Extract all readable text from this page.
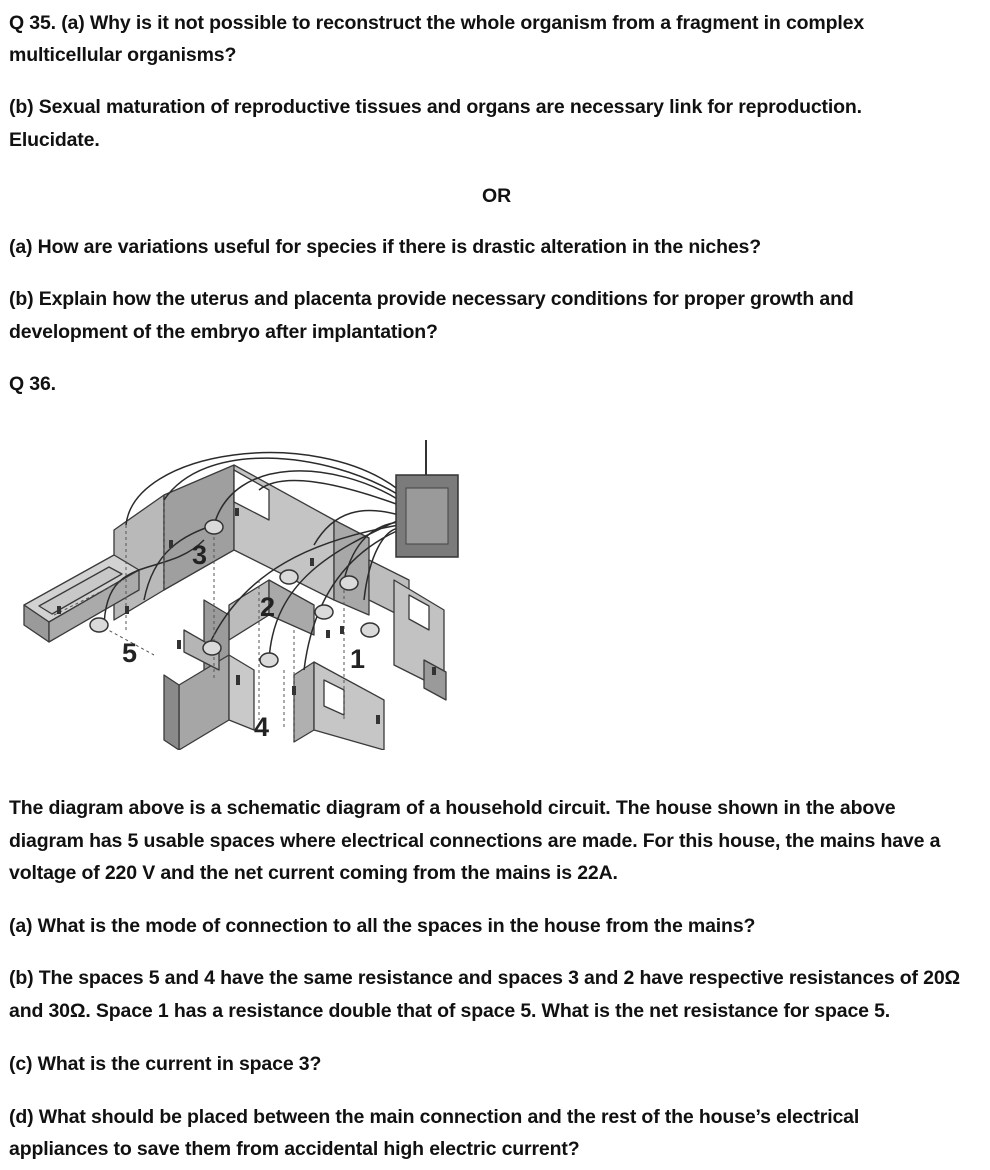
Q 35. (a) Why is it not possible to reconstruct the whole organism from a fragment in complex

multicellular organisms?

(b) Sexual maturation of reproductive tissues and organs are necessary link for reproduction.

Elucidate.

OR

(a) How are variations useful for species if there is drastic alteration in the niches?

(b) Explain how the uterus and placenta provide necessary conditions for proper growth and

development of the embryo after implantation?

Q 36.

1
2
3
4
5

The diagram above is a schematic diagram of a household circuit. The house shown in the above

diagram has 5 usable spaces where electrical connections are made. For this house, the mains have a

voltage of 220 V and the net current coming from the mains is 22A.

(a) What is the mode of connection to all the spaces in the house from the mains?

(b) The spaces 5 and 4 have the same resistance and spaces 3 and 2 have respective resistances of 20Ω

and 30Ω. Space 1 has a resistance double that of space 5. What is the net resistance for space 5.

(c) What is the current in space 3?

(d) What should be placed between the main connection and the rest of the house’s electrical

appliances to save them from accidental high electric current?
